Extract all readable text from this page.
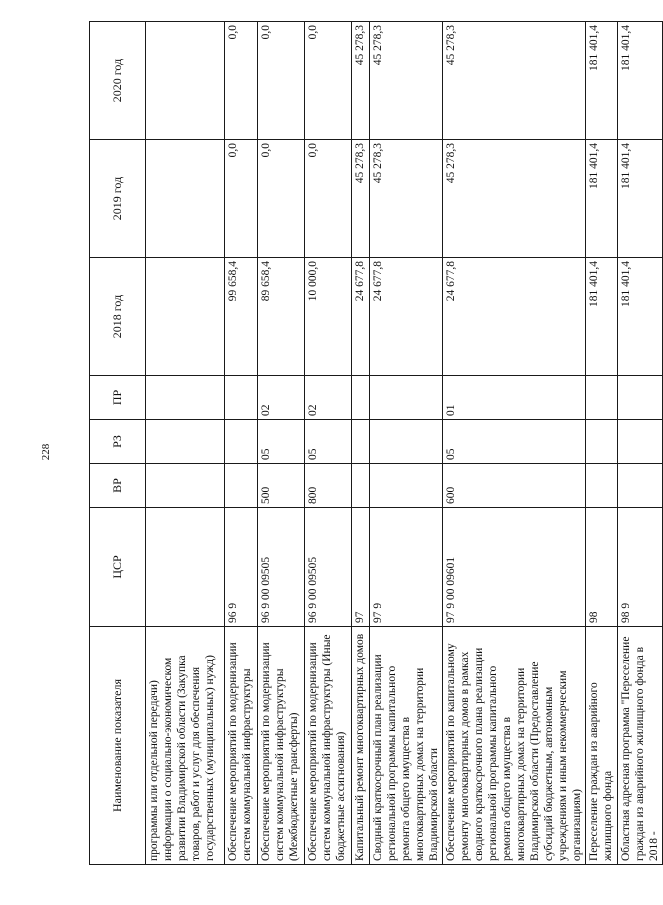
228
Наименование показателя	ЦСР	ВР	РЗ	ПР	2018 год	2019 год	2020 год
программы или отдельной передачи) информации о социально-экономическом развитии Владимирской области (Закупка товаров, работ и услуг для обеспечения государственных (муниципальных) нужд)							
Обеспечение мероприятий по модернизации систем коммунальной инфраструктуры	96 9				99 658,4	0,0	0,0
Обеспечение мероприятий по модернизации систем коммунальной инфраструктуры (Межбюджетные трансферты)	96 9 00 09505	500	05	02	89 658,4	0,0	0,0
Обеспечение мероприятий по модернизации систем коммунальной инфраструктуры (Иные бюджетные ассигнования)	96 9 00 09505	800	05	02	10 000,0	0,0	0,0
Капитальный ремонт многоквартирных домов	97				24 677,8	45 278,3	45 278,3
Сводный краткосрочный план реализации региональной программы капитального ремонта общего имущества в многоквартирных домах на территории Владимирской области	97 9				24 677,8	45 278,3	45 278,3
Обеспечение мероприятий по капитальному ремонту многоквартирных домов в рамках сводного краткосрочного плана реализации региональной программы капитального ремонта общего имущества в многоквартирных домах на территории Владимирской области (Предоставление субсидий бюджетным, автономным учреждениям и иным некоммерческим организациям)	97 9 00 09601	600	05	01	24 677,8	45 278,3	45 278,3
Переселение граждан из аварийного жилищного фонда	98				181 401,4	181 401,4	181 401,4
Областная адресная программа "Переселение граждан из аварийного жилищного фонда в 2018 -	98 9				181 401,4	181 401,4	181 401,4
